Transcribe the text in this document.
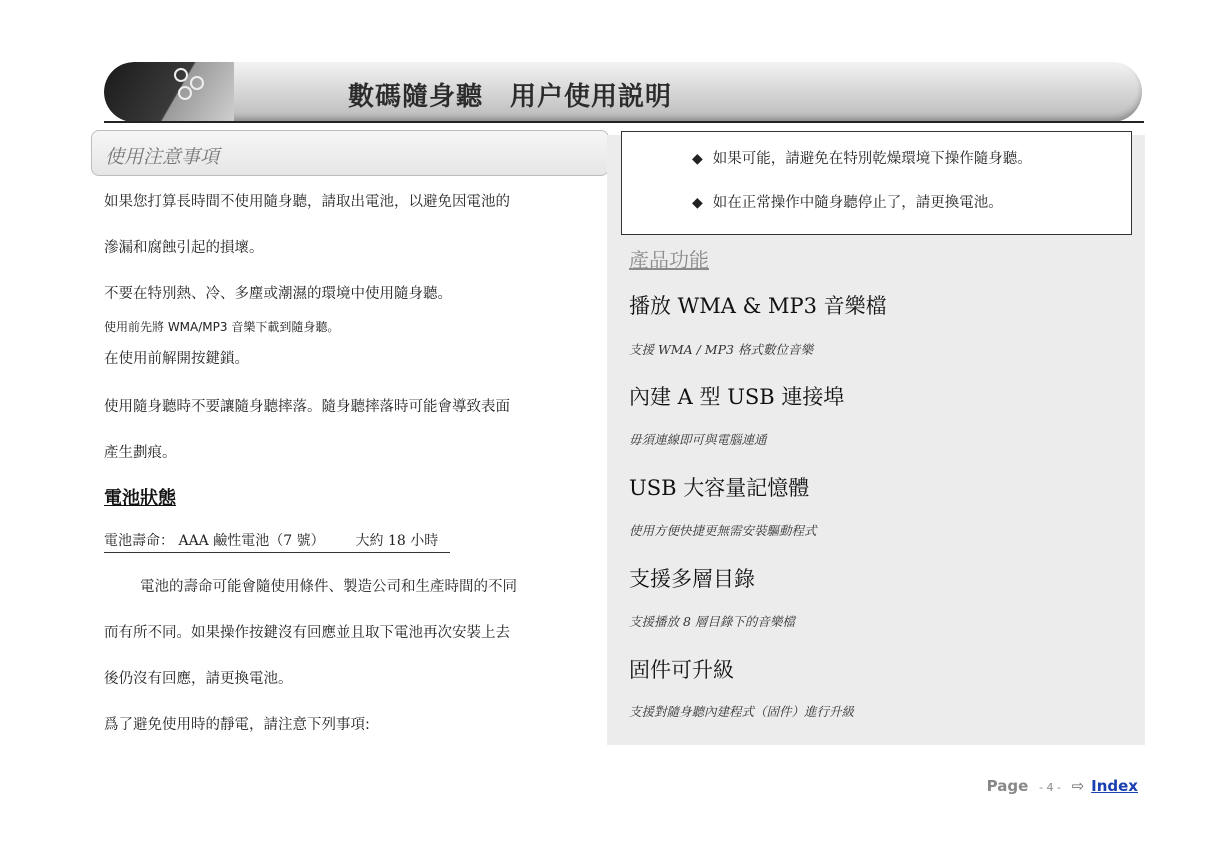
數碼隨身聽　用户使用説明
使用注意事項
如果您打算長時間不使用隨身聽，請取出電池，以避免因電池的
滲漏和腐蝕引起的損壞。
不要在特別熱、冷、多塵或潮濕的環境中使用隨身聽。
使用前先將 WMA/MP3 音樂下載到隨身聽。
在使用前解開按鍵鎖。
使用隨身聽時不要讓隨身聽摔落。隨身聽摔落時可能會導致表面
產生劃痕。
電池狀態
電池壽命： AAA 鹼性電池（7 號） 大約 18 小時
電池的壽命可能會隨使用條件、製造公司和生產時間的不同
而有所不同。如果操作按鍵沒有回應並且取下電池再次安裝上去
後仍沒有回應，請更換電池。
爲了避免使用時的靜電，請注意下列事項:
◆ 如果可能，請避免在特別乾燥環境下操作隨身聽。
◆ 如在正常操作中隨身聽停止了，請更換電池。
產品功能
播放 WMA & MP3 音樂檔
支援 WMA / MP3 格式數位音樂
內建 A 型 USB 連接埠
毋須連線即可與電腦連通
USB 大容量記憶體
使用方便快捷更無需安裝驅動程式
支援多層目錄
支援播放 8 層目錄下的音樂檔
固件可升級
支援對隨身聽內建程式（固件）進行升級
Page - 4 - ⇨ Index
